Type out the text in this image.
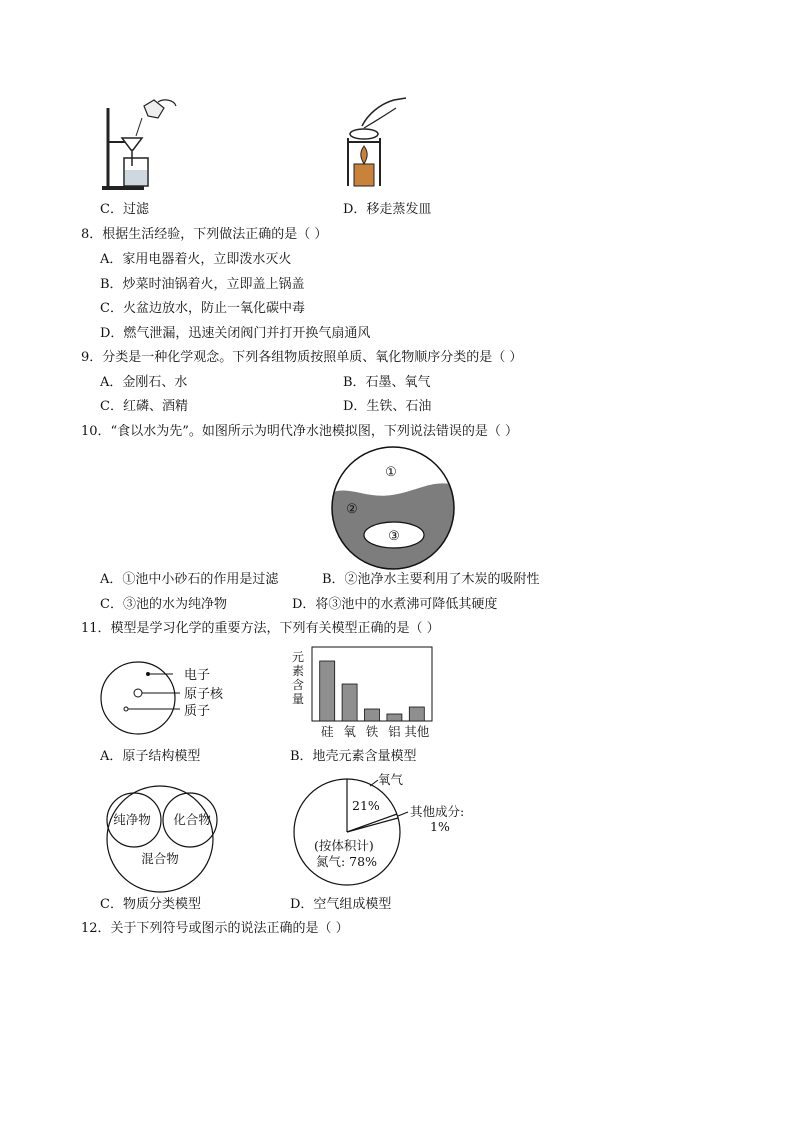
C．过滤	D．移走蒸发皿
8．根据生活经验，下列做法正确的是（ ）
A．家用电器着火，立即泼水灭火
B．炒菜时油锅着火，立即盖上锅盖
C．火盆边放水，防止一氧化碳中毒
D．燃气泄漏，迅速关闭阀门并打开换气扇通风
9．分类是一种化学观念。下列各组物质按照单质、氧化物顺序分类的是（ ）
A．金刚石、水	B．石墨、氧气
C．红磷、酒精	D．生铁、石油
10．“食以水为先”。如图所示为明代净水池模拟图，下列说法错误的是（ ）
①
②
③
A．①池中小砂石的作用是过滤	B．②池净水主要利用了木炭的吸附性
C．③池的水为纯净物	D．将③池中的水煮沸可降低其硬度
11．模型是学习化学的重要方法，下列有关模型正确的是（ ）
电子
原子核
质子
A．原子结构模型
元
素
含
量
硅 氧 铁 铝 其他
B．地壳元素含量模型
纯净物 化合物
混合物
C．物质分类模型
氧气
21% 其他成分:
1%
(按体积计)
氮气: 78%
D．空气组成模型
12．关于下列符号或图示的说法正确的是（ ）
